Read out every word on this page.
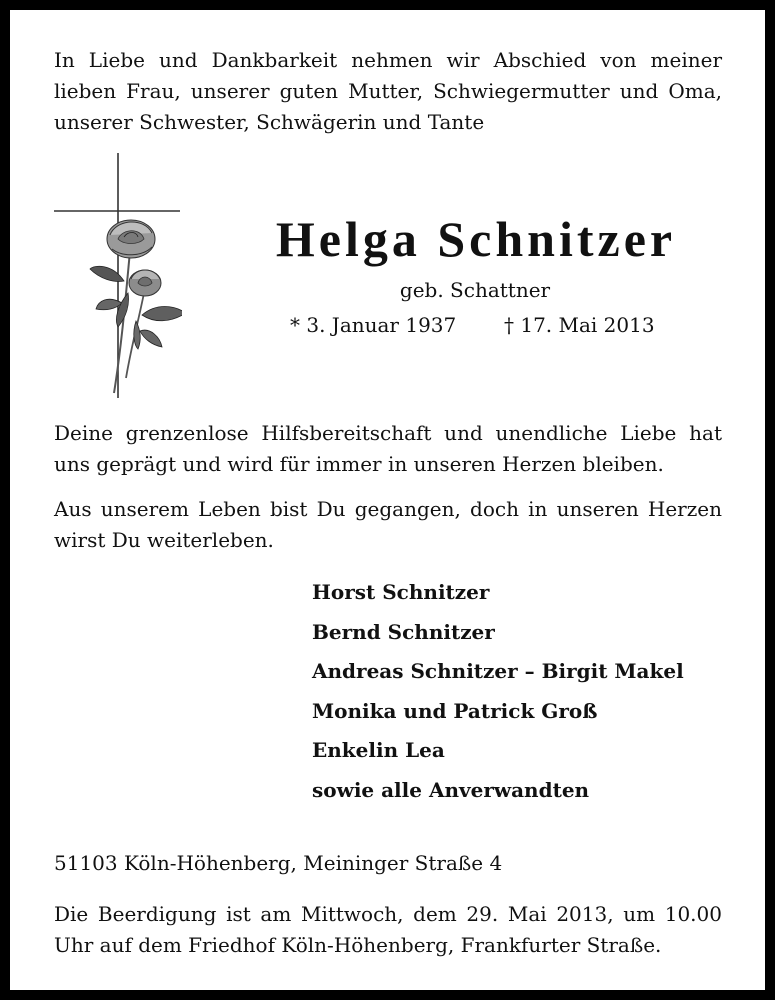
In Liebe und Dankbarkeit nehmen wir Abschied von meiner lieben Frau, unserer guten Mutter, Schwiegermutter und Oma, unserer Schwester, Schwägerin und Tante
Helga Schnitzer
geb. Schattner
* 3. Januar 1937 † 17. Mai 2013
Deine grenzenlose Hilfsbereitschaft und unendliche Liebe hat uns geprägt und wird für immer in unseren Herzen bleiben.
Aus unserem Leben bist Du gegangen, doch in unseren Herzen wirst Du weiterleben.
Horst Schnitzer
Bernd Schnitzer
Andreas Schnitzer – Birgit Makel
Monika und Patrick Groß
Enkelin Lea
sowie alle Anverwandten
51103 Köln-Höhenberg, Meininger Straße 4
Die Beerdigung ist am Mittwoch, dem 29. Mai 2013, um 10.00 Uhr auf dem Friedhof Köln-Höhenberg, Frankfurter Straße.
